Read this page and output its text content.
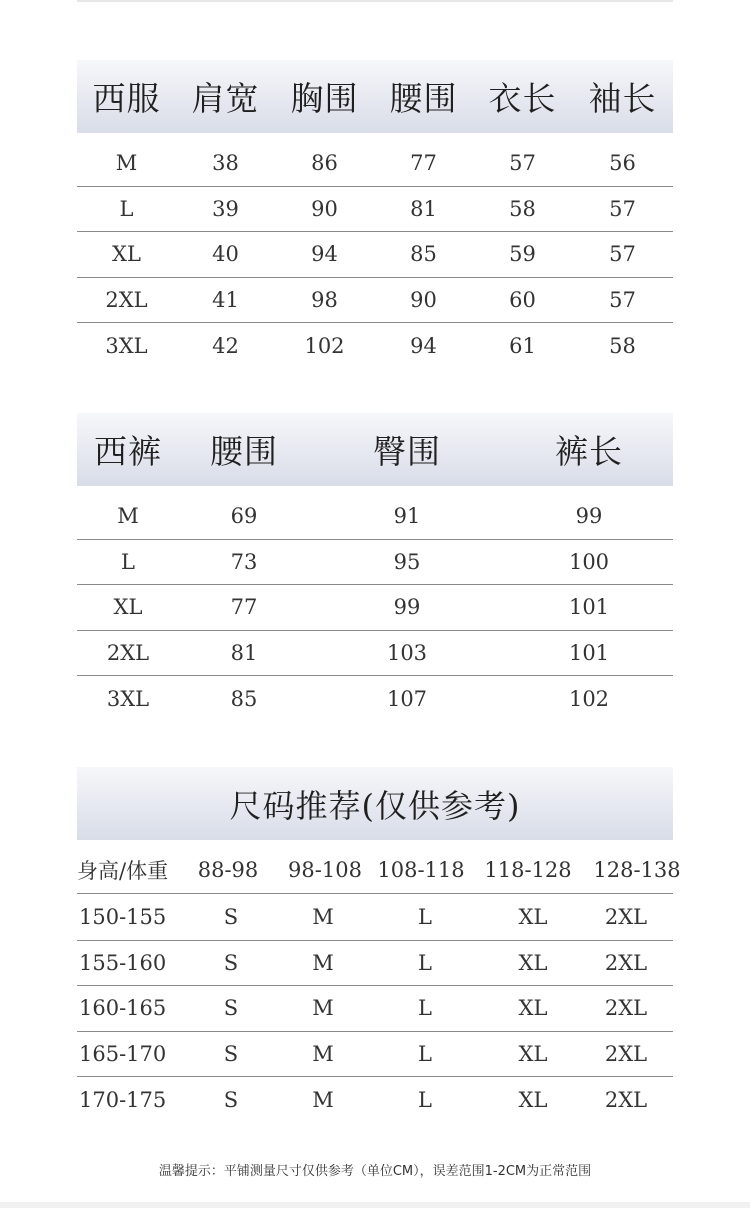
西服 肩宽 胸围 腰围 衣长 袖长
M	38	86	77	57	56
L	39	90	81	58	57
XL	40	94	85	59	57
2XL	41	98	90	60	57
3XL	42	102	94	61	58
西裤	腰围	臀围	裤长
M	69	91	99
L	73	95	100
XL	77	99	101
2XL	81	103	101
3XL	85	107	102
尺码推荐(仅供参考)
身高/体重	88-98	98-108 108-118 118-128	128-138
150-155	S	M	L	XL	2XL
155-160	S	M	L	XL	2XL
160-165	S	M	L	XL	2XL
165-170	S	M	L	XL	2XL
170-175	S	M	L	XL	2XL
温馨提示：平铺测量尺寸仅供参考（单位CM），误差范围1-2CM为正常范围
